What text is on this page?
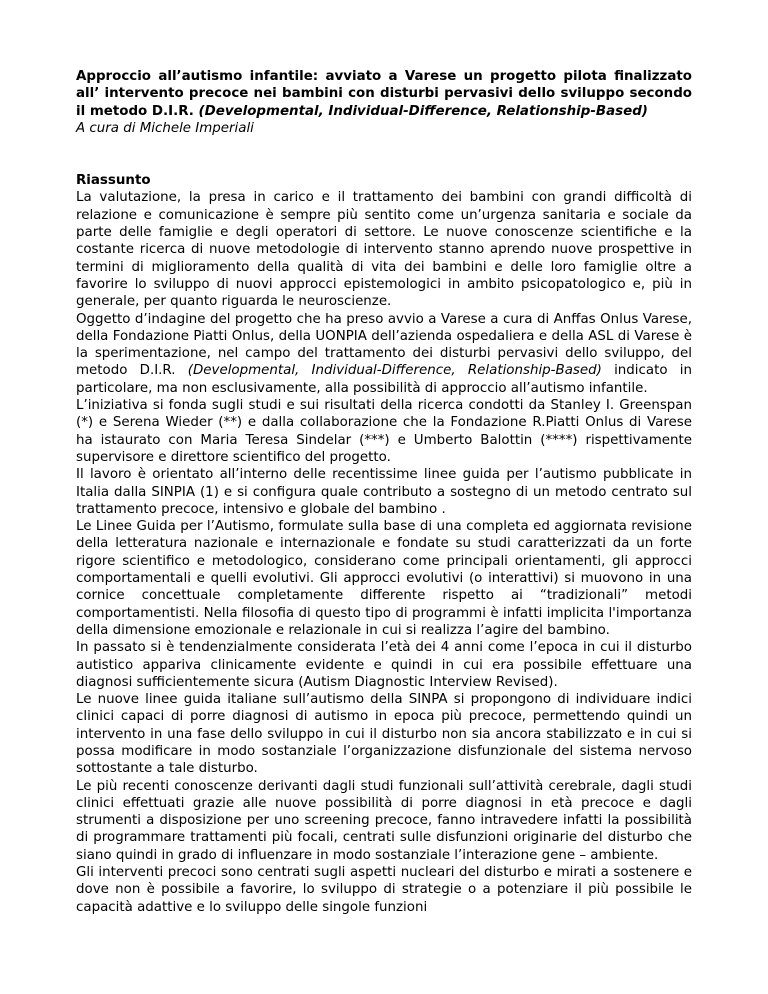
Approccio all’autismo infantile: avviato a Varese un progetto pilota finalizzato all’ intervento precoce nei bambini con disturbi pervasivi dello sviluppo secondo il metodo D.I.R. (Developmental, Individual-Difference, Relationship-Based)

A cura di Michele Imperiali

Riassunto

La valutazione, la presa in carico e il trattamento dei bambini con grandi difficoltà di relazione e comunicazione è sempre più sentito come un’urgenza sanitaria e sociale da parte delle famiglie e degli operatori di settore. Le nuove conoscenze scientifiche e la costante ricerca di nuove metodologie di intervento stanno aprendo nuove prospettive in termini di miglioramento della qualità di vita dei bambini e delle loro famiglie oltre a favorire lo sviluppo di nuovi approcci epistemologici in ambito psicopatologico e, più in generale, per quanto riguarda le neuroscienze.

Oggetto d’indagine del progetto che ha preso avvio a Varese a cura di Anffas Onlus Varese, della Fondazione Piatti Onlus, della UONPIA dell’azienda ospedaliera e della ASL di Varese è la sperimentazione, nel campo del trattamento dei disturbi pervasivi dello sviluppo, del metodo D.I.R. (Developmental, Individual-Difference, Relationship-Based) indicato in particolare, ma non esclusivamente, alla possibilità di approccio all’autismo infantile.

L’iniziativa si fonda sugli studi e sui risultati della ricerca condotti da Stanley I. Greenspan (*) e Serena Wieder (**) e dalla collaborazione che la Fondazione R.Piatti Onlus di Varese ha istaurato con Maria Teresa Sindelar (***) e Umberto Balottin (****) rispettivamente supervisore e direttore scientifico del progetto.

Il lavoro è orientato all’interno delle recentissime linee guida per l’autismo pubblicate in Italia dalla SINPIA (1) e si configura quale contributo a sostegno di un metodo centrato sul trattamento precoce, intensivo e globale del bambino .

Le Linee Guida per l’Autismo, formulate sulla base di una completa ed aggiornata revisione della letteratura nazionale e internazionale e fondate su studi caratterizzati da un forte rigore scientifico e metodologico, considerano come principali orientamenti, gli approcci comportamentali e quelli evolutivi. Gli approcci evolutivi (o interattivi) si muovono in una cornice concettuale completamente differente rispetto ai “tradizionali” metodi comportamentisti. Nella filosofia di questo tipo di programmi è infatti implicita l'importanza della dimensione emozionale e relazionale in cui si realizza l’agire del bambino.

In passato si è tendenzialmente considerata l’età dei 4 anni come l’epoca in cui il disturbo autistico appariva clinicamente evidente e quindi in cui era possibile effettuare una diagnosi sufficientemente sicura (Autism Diagnostic Interview Revised).

Le nuove linee guida italiane sull’autismo della SINPA si propongono di individuare indici clinici capaci di porre diagnosi di autismo in epoca più precoce, permettendo quindi un intervento in una fase dello sviluppo in cui il disturbo non sia ancora stabilizzato e in cui si possa modificare in modo sostanziale l’organizzazione disfunzionale del sistema nervoso sottostante a tale disturbo.

Le più recenti conoscenze derivanti dagli studi funzionali sull’attività cerebrale, dagli studi clinici effettuati grazie alle nuove possibilità di porre diagnosi in età precoce e dagli strumenti a disposizione per uno screening precoce, fanno intravedere infatti la possibilità di programmare trattamenti più focali, centrati sulle disfunzioni originarie del disturbo che siano quindi in grado di influenzare in modo sostanziale l’interazione gene – ambiente.

Gli interventi precoci sono centrati sugli aspetti nucleari del disturbo e mirati a sostenere e dove non è possibile a favorire, lo sviluppo di strategie o a potenziare il più possibile le capacità adattive e lo sviluppo delle singole funzioni
